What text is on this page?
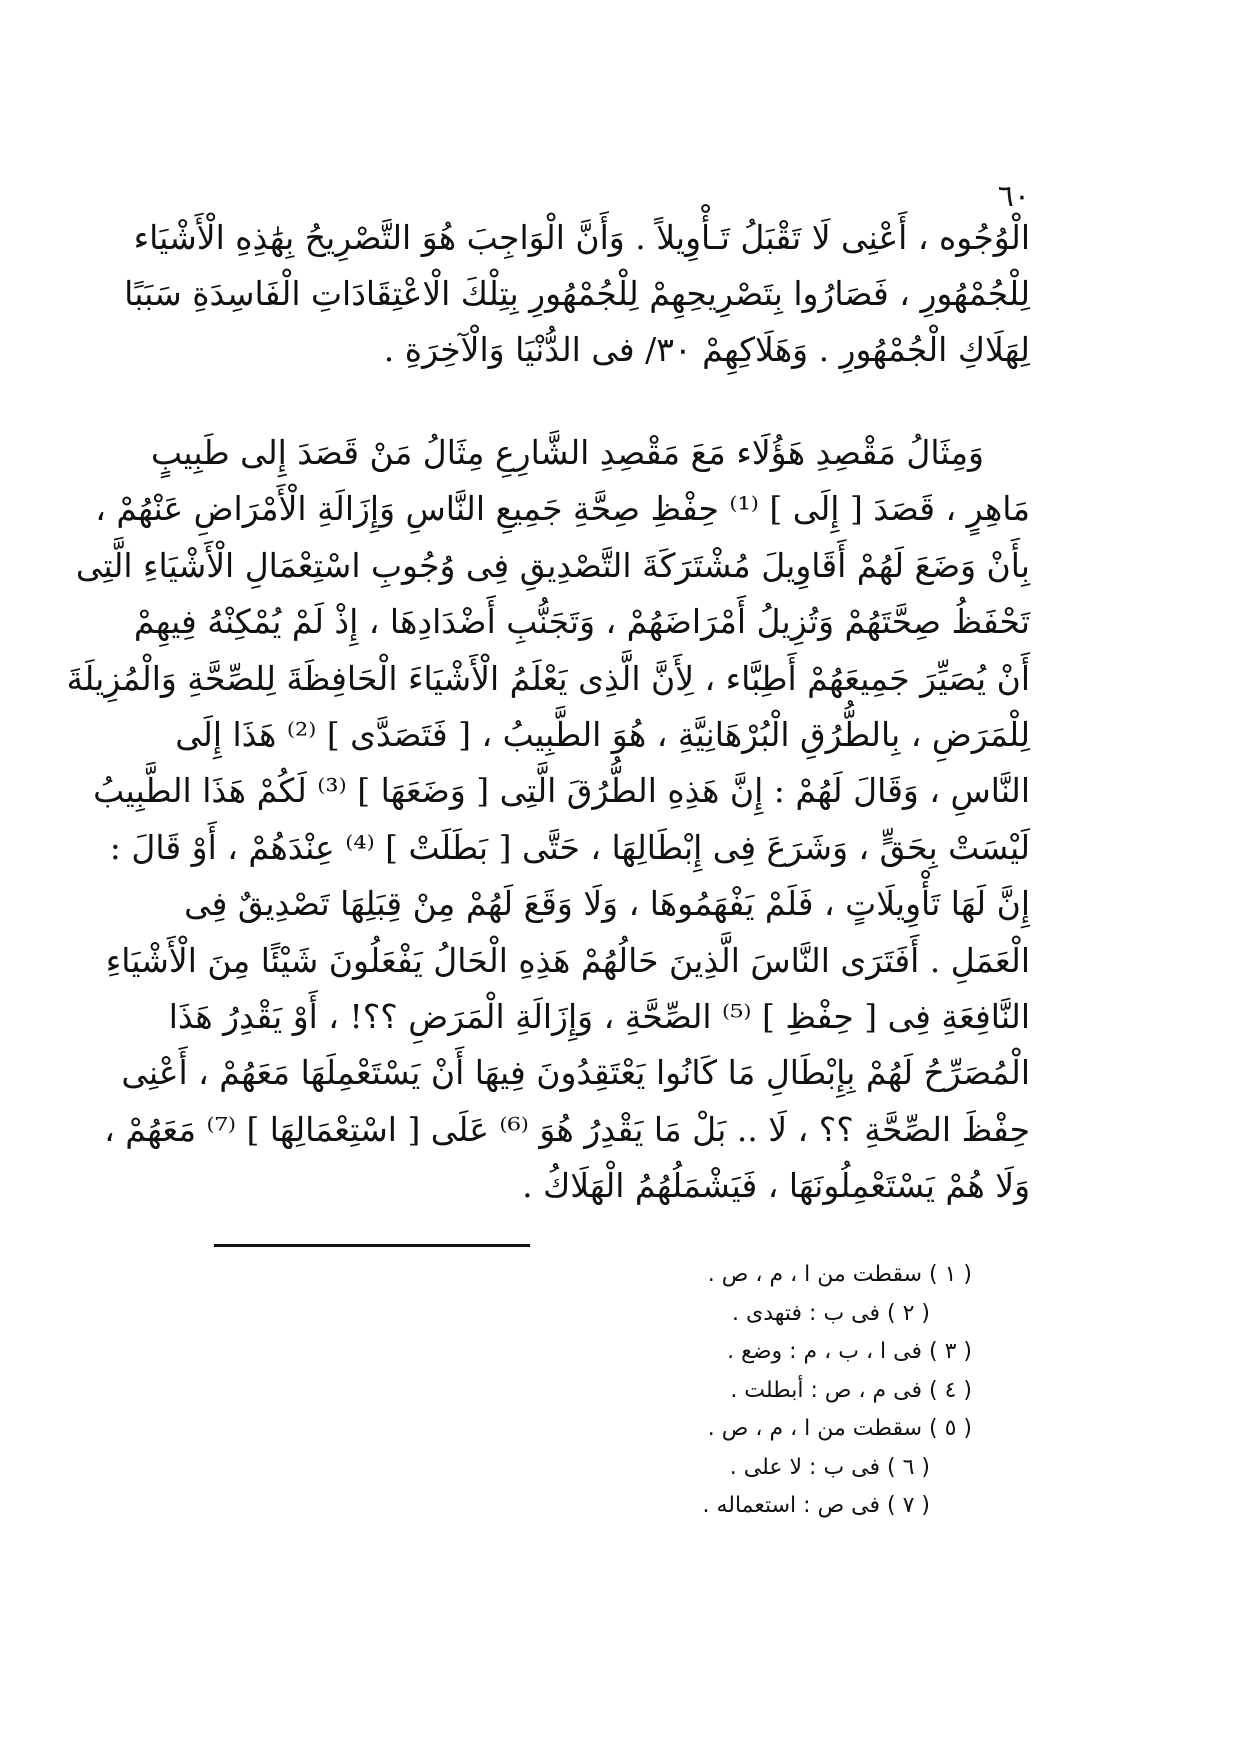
٦٠
الْوُجُوه ، أَعْنِى لَا تَقْبَلُ تَـأْوِيلاً . وَأَنَّ الْوَاجِبَ هُوَ التَّصْرِيحُ بِهَٰذِهِ الْأَشْيَاء
لِلْجُمْهُورِ ، فَصَارُوا بِتَصْرِيحِهِمْ لِلْجُمْهُورِ بِتِلْكَ الْاعْتِقَادَاتِ الْفَاسِدَةِ سَبَبًا
لِهَلَاكِ الْجُمْهُورِ . وَهَلَاكِهِمْ ٣٠/ فى الدُّنْيَا وَالْآخِرَةِ .
وَمِثَالُ مَقْصِدِ هَؤُلَاء مَعَ مَقْصِدِ الشَّارِعِ مِثَالُ مَنْ قَصَدَ إِلى طَبِيبٍ
مَاهِرٍ ، قَصَدَ [ إِلَى ] ⁽¹⁾ حِفْظِ صِحَّةِ جَمِيعِ النَّاسِ وَإِزَالَةِ الْأَمْرَاضِ عَنْهُمْ ،
بِأَنْ وَضَعَ لَهُمْ أَقَاوِيلَ مُشْتَرَكَةَ التَّصْدِيقِ فِى وُجُوبِ اسْتِعْمَالِ الْأَشْيَاءِ الَّتِى
تَحْفَظُ صِحَّتَهُمْ وَتُزِيلُ أَمْرَاضَهُمْ ، وَتَجَنُّبِ أَضْدَادِهَا ، إِذْ لَمْ يُمْكِنْهُ فِيهِمْ
أَنْ يُصَيِّرَ جَمِيعَهُمْ أَطِبَّاء ، لِأَنَّ الَّذِى يَعْلَمُ الْأَشْيَاءَ الْحَافِظَةَ لِلصِّحَّةِ وَالْمُزِيلَةَ
لِلْمَرَضِ ، بِالطُّرُقِ الْبُرْهَانِيَّةِ ، هُوَ الطَّبِيبُ ، [ فَتَصَدَّى ] ⁽²⁾ هَذَا إِلَى
النَّاسِ ، وَقَالَ لَهُمْ : إِنَّ هَذِهِ الطُّرُقَ الَّتِى [ وَضَعَهَا ] ⁽³⁾ لَكُمْ هَذَا الطَّبِيبُ
لَيْسَتْ بِحَقٍّ ، وَشَرَعَ فِى إِبْطَالِهَا ، حَتَّى [ بَطَلَتْ ] ⁽⁴⁾ عِنْدَهُمْ ، أَوْ قَالَ :
إِنَّ لَهَا تَأْوِيلَاتٍ ، فَلَمْ يَفْهَمُوهَا ، وَلَا وَقَعَ لَهُمْ مِنْ قِبَلِهَا تَصْدِيقٌ فِى
الْعَمَلِ . أَفَتَرَى النَّاسَ الَّذِينَ حَالُهُمْ هَذِهِ الْحَالُ يَفْعَلُونَ شَيْئًا مِنَ الْأَشْيَاءِ
النَّافِعَةِ فِى [ حِفْظِ ] ⁽⁵⁾ الصِّحَّةِ ، وَإِزَالَةِ الْمَرَضِ ؟؟! ، أَوْ يَقْدِرُ هَذَا
الْمُصَرِّحُ لَهُمْ بِإِبْطَالِ مَا كَانُوا يَعْتَقِدُونَ فِيهَا أَنْ يَسْتَعْمِلَهَا مَعَهُمْ ، أَعْنِى
حِفْظَ الصِّحَّةِ ؟؟ ، لَا .. بَلْ مَا يَقْدِرُ هُوَ ⁽⁶⁾ عَلَى [ اسْتِعْمَالِهَا ] ⁽⁷⁾ مَعَهُمْ ،
وَلَا هُمْ يَسْتَعْمِلُونَهَا ، فَيَشْمَلُهُمُ الْهَلَاكُ .
( ١ ) سقطت من ا ، م ، ص .
( ٢ ) فى ب : فتهدى .
( ٣ ) فى ا ، ب ، م : وضع .
( ٤ ) فى م ، ص : أبطلت .
( ٥ ) سقطت من ا ، م ، ص .
( ٦ ) فى ب : لا على .
( ٧ ) فى ص : استعماله .
